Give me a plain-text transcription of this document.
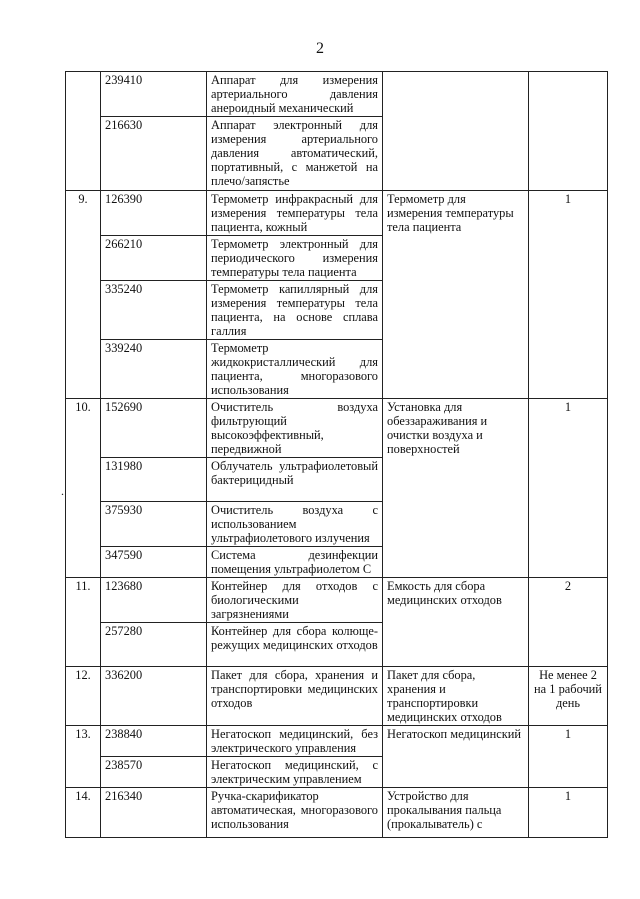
2
.
	239410	Аппарат для измерения артериального давления анероидный механический		
	216630	Аппарат электронный для измерения артериального давления автоматический, портативный, с манжетой на плечо/запястье		
9.	126390	Термометр инфракрасный для измерения температуры тела пациента, кожный	Термометр для измерения температуры тела пациента	1
	266210	Термометр электронный для периодического измерения температуры тела пациента		
	335240	Термометр капиллярный для измерения температуры тела пациента, на основе сплава галлия		
	339240	Термометр жидкокристаллический для пациента, многоразового использования		
10.	152690	Очиститель воздуха фильтрующий высокоэффективный, передвижной	Установка для обеззараживания и очистки воздуха и поверхностей	1
	131980	Облучатель ультрафиолетовый бактерицидный		
	375930	Очиститель воздуха с использованием ультрафиолетового излучения		
	347590	Система дезинфекции помещения ультрафиолетом С		
11.	123680	Контейнер для отходов с биологическими загрязнениями	Емкость для сбора медицинских отходов	2
	257280	Контейнер для сбора колюще-режущих медицинских отходов		
12.	336200	Пакет для сбора, хранения и транспортировки медицинских отходов	Пакет для сбора, хранения и транспортировки медицинских отходов	Не менее 2 на 1 рабочий день
13.	238840	Негатоскоп медицинский, без электрического управления	Негатоскоп медицинский	1
	238570	Негатоскоп медицинский, с электрическим управлением		
14.	216340	Ручка-скарификатор автоматическая, многоразового использования	Устройство для прокалывания пальца (прокалыватель) с	1
